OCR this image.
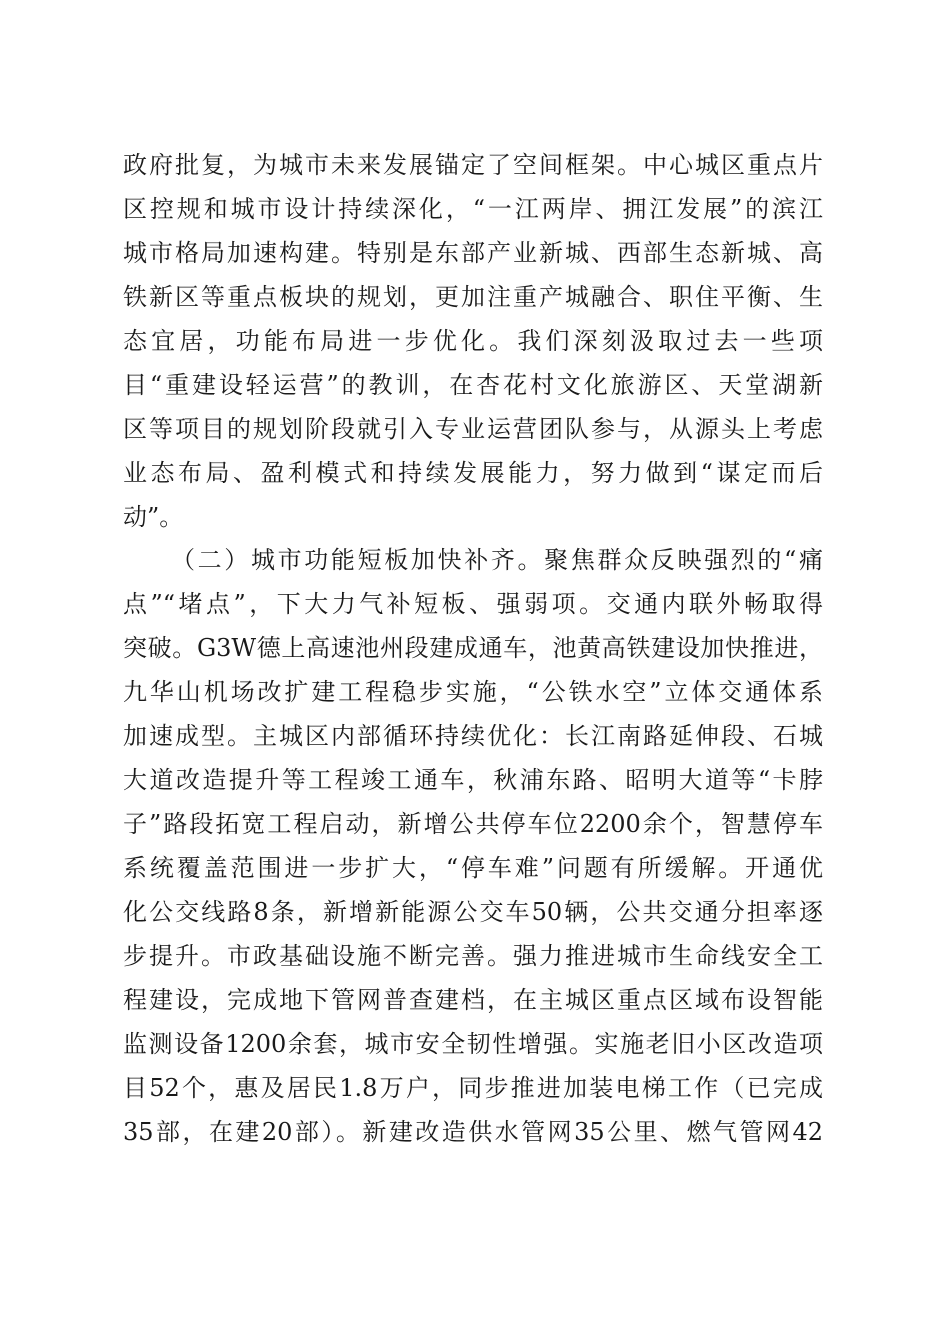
政府批复，为城市未来发展锚定了空间框架。中心城区重点片
区控规和城市设计持续深化，“一江两岸、拥江发展”的滨江
城市格局加速构建。特别是东部产业新城、西部生态新城、高
铁新区等重点板块的规划，更加注重产城融合、职住平衡、生
态宜居，功能布局进一步优化。我们深刻汲取过去一些项
目“重建设轻运营”的教训，在杏花村文化旅游区、天堂湖新
区等项目的规划阶段就引入专业运营团队参与，从源头上考虑
业态布局、盈利模式和持续发展能力，努力做到“谋定而后
动”。
（二）城市功能短板加快补齐。聚焦群众反映强烈的“痛
点”“堵点”，下大力气补短板、强弱项。交通内联外畅取得
突破。G3W德上高速池州段建成通车，池黄高铁建设加快推进，
九华山机场改扩建工程稳步实施，“公铁水空”立体交通体系
加速成型。主城区内部循环持续优化：长江南路延伸段、石城
大道改造提升等工程竣工通车，秋浦东路、昭明大道等“卡脖
子”路段拓宽工程启动，新增公共停车位2200余个，智慧停车
系统覆盖范围进一步扩大，“停车难”问题有所缓解。开通优
化公交线路8条，新增新能源公交车50辆，公共交通分担率逐
步提升。市政基础设施不断完善。强力推进城市生命线安全工
程建设，完成地下管网普查建档，在主城区重点区域布设智能
监测设备1200余套，城市安全韧性增强。实施老旧小区改造项
目52个，惠及居民1.8万户，同步推进加装电梯工作（已完成
35部，在建20部）。新建改造供水管网35公里、燃气管网42
